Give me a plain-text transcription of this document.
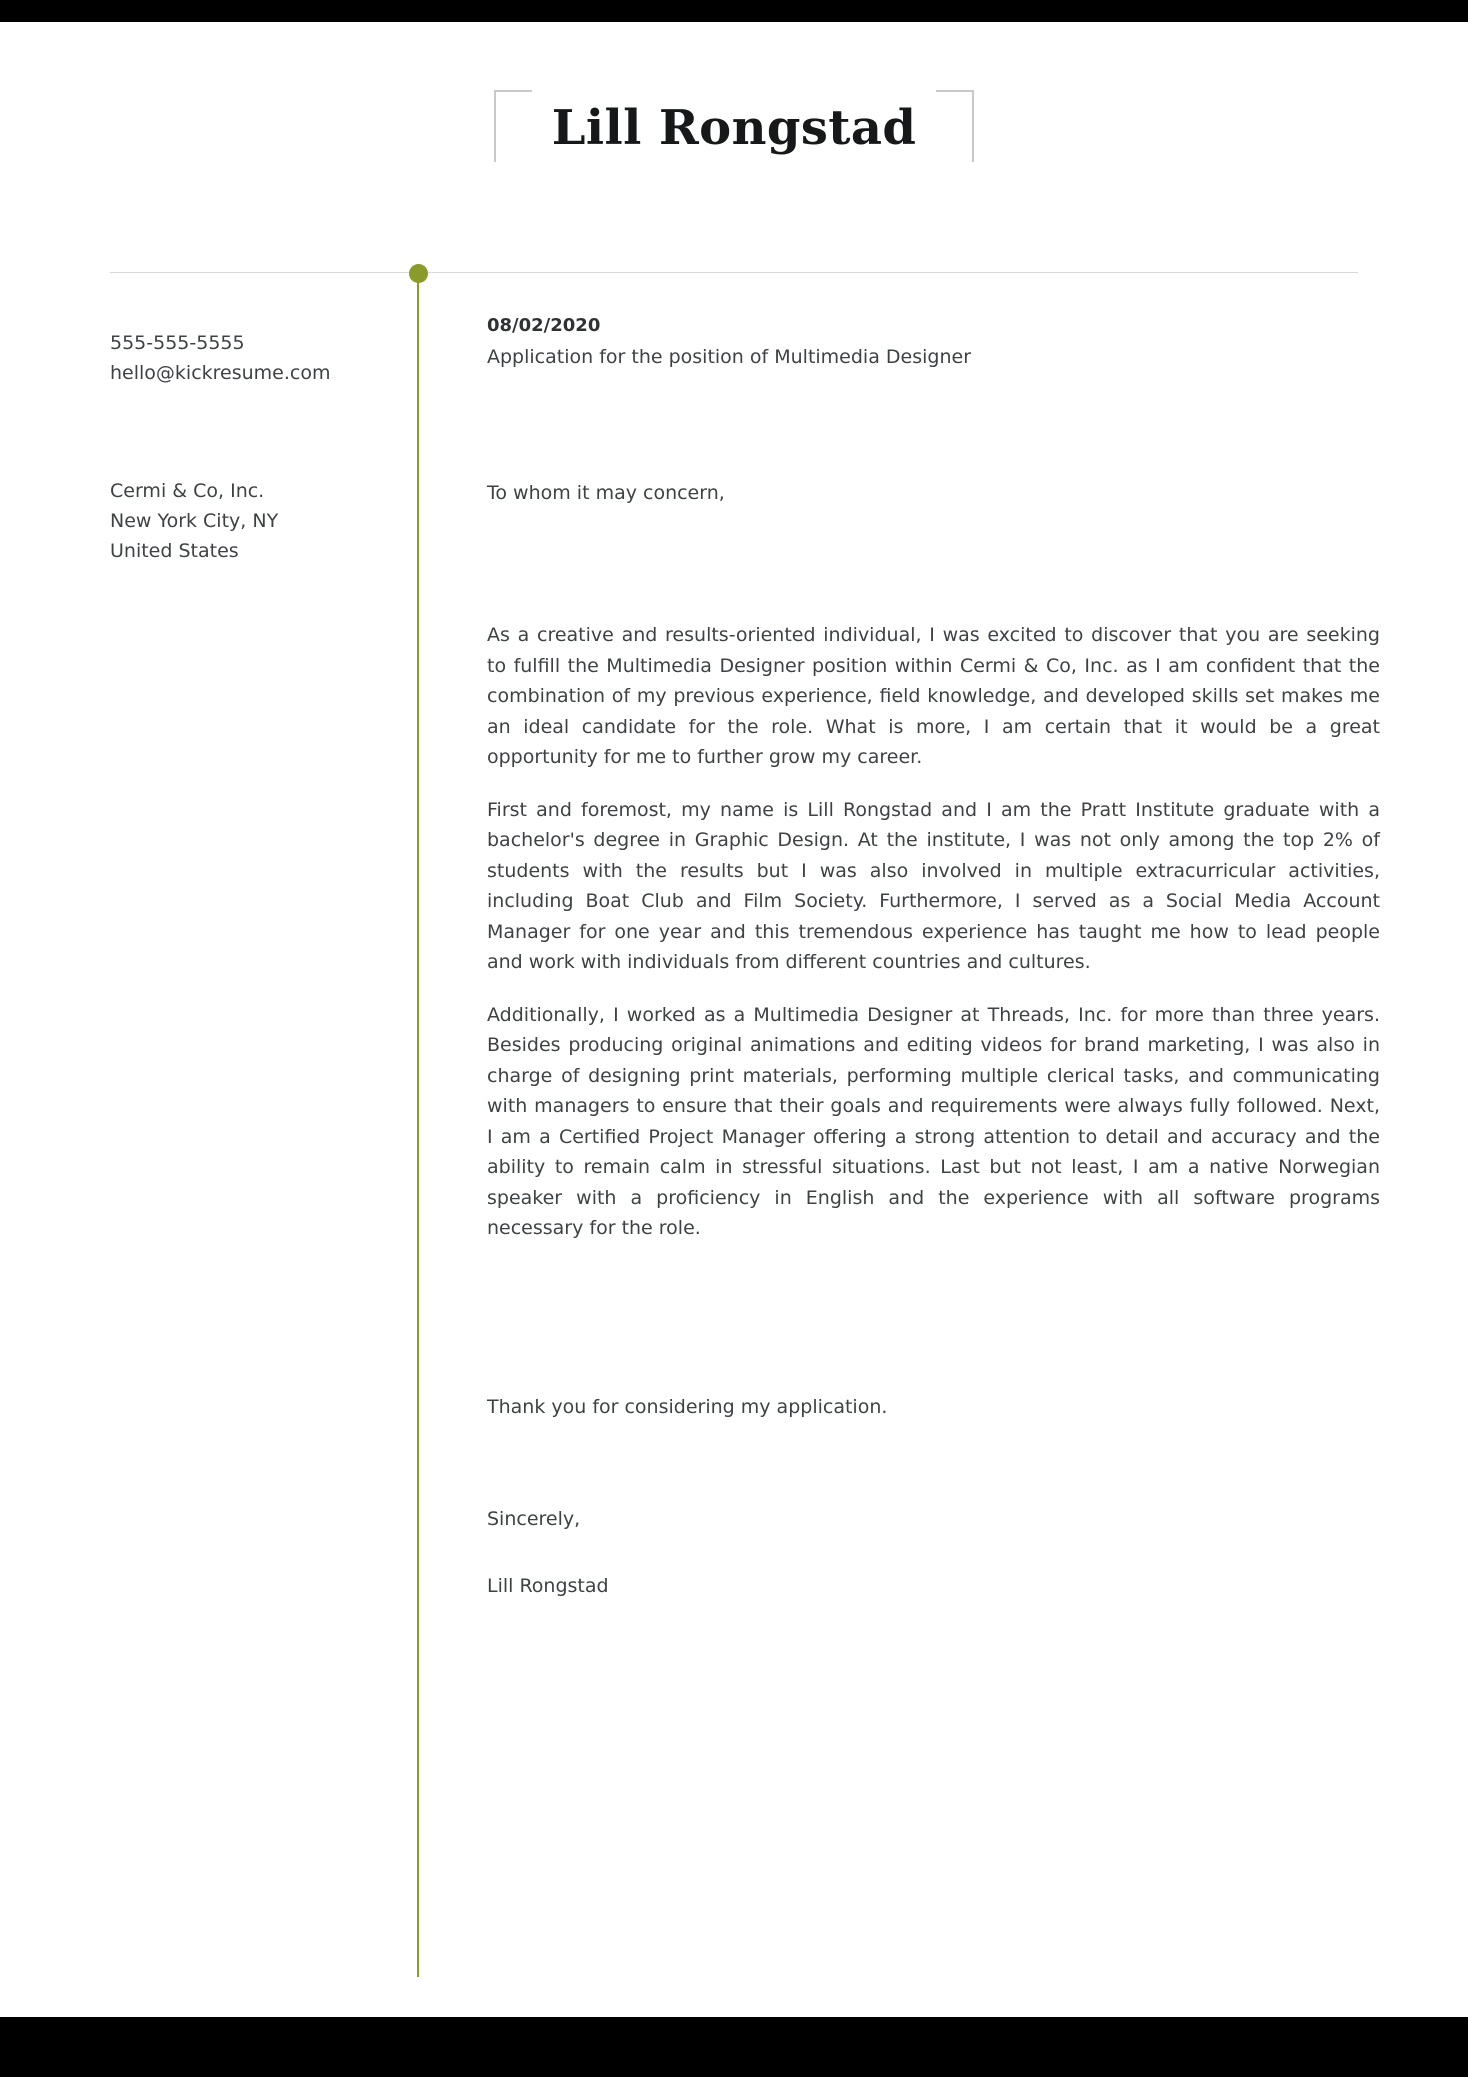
Lill Rongstad
555-555-5555
hello@kickresume.com
Cermi & Co, Inc.
New York City, NY
United States
08/02/2020
Application for the position of Multimedia Designer
To whom it may concern,

As a creative and results-oriented individual, I was excited to discover that you are seeking to fulfill the Multimedia Designer position within Cermi & Co, Inc. as I am confident that the combination of my previous experience, field knowledge, and developed skills set makes me an ideal candidate for the role. What is more, I am certain that it would be a great opportunity for me to further grow my career.

First and foremost, my name is Lill Rongstad and I am the Pratt Institute graduate with a bachelor's degree in Graphic Design. At the institute, I was not only among the top 2% of students with the results but I was also involved in multiple extracurricular activities, including Boat Club and Film Society. Furthermore, I served as a Social Media Account Manager for one year and this tremendous experience has taught me how to lead people and work with individuals from different countries and cultures.

Additionally, I worked as a Multimedia Designer at Threads, Inc. for more than three years. Besides producing original animations and editing videos for brand marketing, I was also in charge of designing print materials, performing multiple clerical tasks, and communicating with managers to ensure that their goals and requirements were always fully followed. Next, I am a Certified Project Manager offering a strong attention to detail and accuracy and the ability to remain calm in stressful situations. Last but not least, I am a native Norwegian speaker with a proficiency in English and the experience with all software programs necessary for the role.

Thank you for considering my application.
Sincerely,
Lill Rongstad
